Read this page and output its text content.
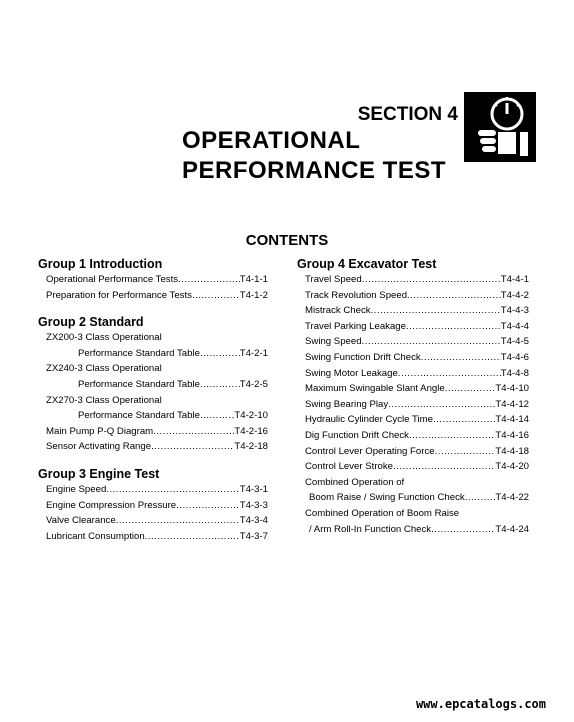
SECTION 4
OPERATIONAL
PERFORMANCE TEST
CONTENTS
Group 1 Introduction
Operational Performance Tests .....	T4-1-1
Preparation for Performance Tests .....	T4-1-2
Group 2 Standard
ZX200-3 Class Operational
Performance Standard Table .....	T4-2-1
ZX240-3 Class Operational
Performance Standard Table .....	T4-2-5
ZX270-3 Class Operational
Performance Standard Table .....	T4-2-10
Main Pump P-Q Diagram .....	T4-2-16
Sensor Activating Range .....	T4-2-18
Group 3 Engine Test
Engine Speed .....	T4-3-1
Engine Compression Pressure .....	T4-3-3
Valve Clearance .....	T4-3-4
Lubricant Consumption .....	T4-3-7
Group 4 Excavator Test
Travel Speed .....	T4-4-1
Track Revolution Speed .....	T4-4-2
Mistrack Check .....	T4-4-3
Travel Parking Leakage .....	T4-4-4
Swing Speed .....	T4-4-5
Swing Function Drift Check .....	T4-4-6
Swing Motor Leakage .....	T4-4-8
Maximum Swingable Slant Angle .....	T4-4-10
Swing Bearing Play .....	T4-4-12
Hydraulic Cylinder Cycle Time .....	T4-4-14
Dig Function Drift Check .....	T4-4-16
Control Lever Operating Force .....	T4-4-18
Control Lever Stroke .....	T4-4-20
Combined Operation of
Boom Raise / Swing Function Check .....	T4-4-22
Combined Operation of Boom Raise
/ Arm Roll-In Function Check .....	T4-4-24
www.epcatalogs.com
